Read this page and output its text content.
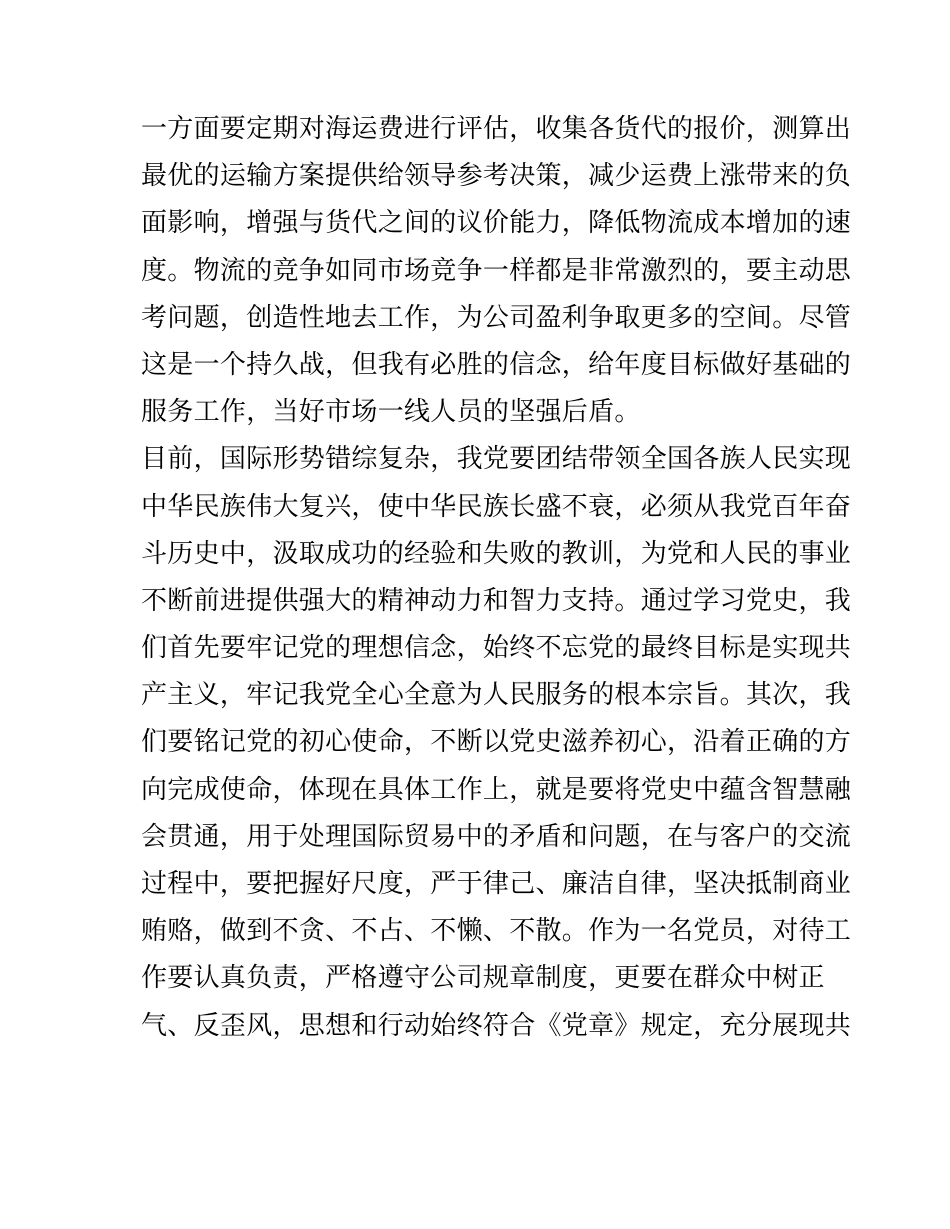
一方面要定期对海运费进行评估，收集各货代的报价，测算出
最优的运输方案提供给领导参考决策，减少运费上涨带来的负
面影响，增强与货代之间的议价能力，降低物流成本增加的速
度。物流的竞争如同市场竞争一样都是非常激烈的，要主动思
考问题，创造性地去工作，为公司盈利争取更多的空间。尽管
这是一个持久战，但我有必胜的信念，给年度目标做好基础的
服务工作，当好市场一线人员的坚强后盾。
目前，国际形势错综复杂，我党要团结带领全国各族人民实现
中华民族伟大复兴，使中华民族长盛不衰，必须从我党百年奋
斗历史中，汲取成功的经验和失败的教训，为党和人民的事业
不断前进提供强大的精神动力和智力支持。通过学习党史，我
们首先要牢记党的理想信念，始终不忘党的最终目标是实现共
产主义，牢记我党全心全意为人民服务的根本宗旨。其次，我
们要铭记党的初心使命，不断以党史滋养初心，沿着正确的方
向完成使命，体现在具体工作上，就是要将党史中蕴含智慧融
会贯通，用于处理国际贸易中的矛盾和问题，在与客户的交流
过程中，要把握好尺度，严于律己、廉洁自律，坚决抵制商业
贿赂，做到不贪、不占、不懒、不散。作为一名党员，对待工
作要认真负责，严格遵守公司规章制度，更要在群众中树正
气、反歪风，思想和行动始终符合《党章》规定，充分展现共
